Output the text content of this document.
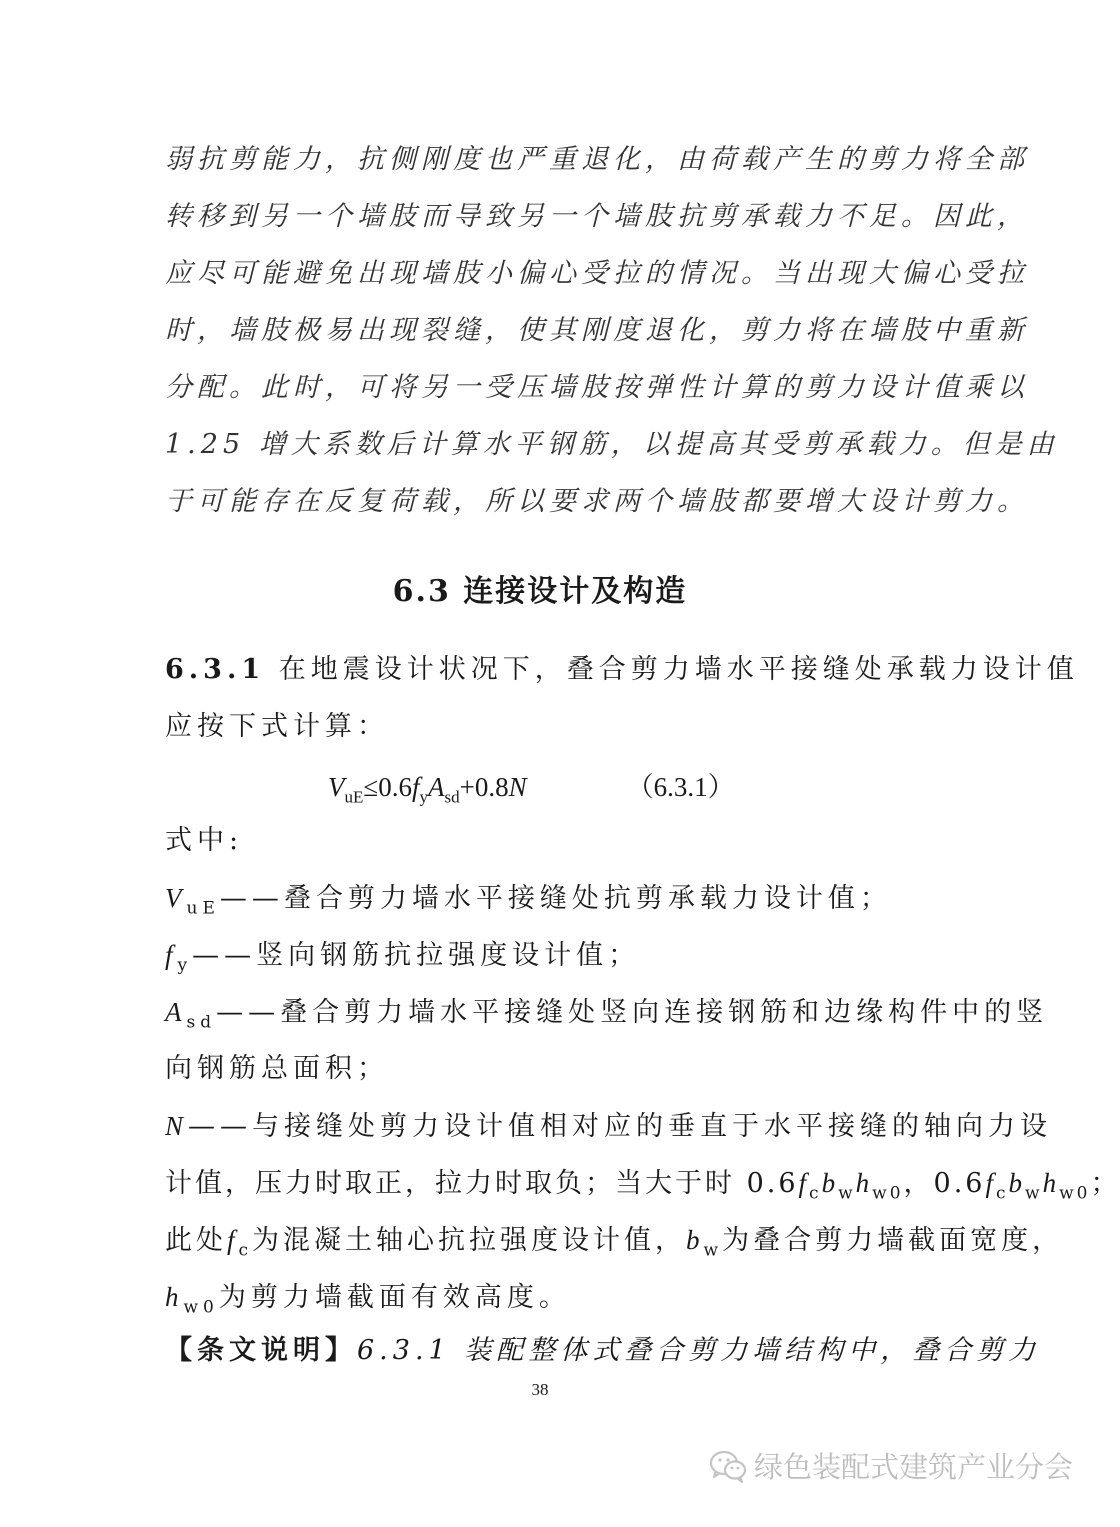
弱抗剪能力，抗侧刚度也严重退化，由荷载产生的剪力将全部
转移到另一个墙肢而导致另一个墙肢抗剪承载力不足。因此，
应尽可能避免出现墙肢小偏心受拉的情况。当出现大偏心受拉
时，墙肢极易出现裂缝，使其刚度退化，剪力将在墙肢中重新
分配。此时，可将另一受压墙肢按弹性计算的剪力设计值乘以
1.25 增大系数后计算水平钢筋，以提高其受剪承载力。但是由
于可能存在反复荷载，所以要求两个墙肢都要增大设计剪力。
6.3 连接设计及构造
6.3.1 在地震设计状况下，叠合剪力墙水平接缝处承载力设计值
应按下式计算：
$V_{uE}\le 0.6f_yA_{sd}+0.8N$	（6.3.1）
式中:
$V_{uE}——$叠合剪力墙水平接缝处抗剪承载力设计值；
$f_y——$竖向钢筋抗拉强度设计值；
$A_{sd}——$叠合剪力墙水平接缝处竖向连接钢筋和边缘构件中的竖
向钢筋总面积；
N——与接缝处剪力设计值相对应的垂直于水平接缝的轴向力设
计值，压力时取正，拉力时取负；当大于时 $0.6f_cb_wh_{w0}$，$0.6f_cb_wh_{w0}$；
此处$f_c$为混凝土轴心抗拉强度设计值，$b_w$为叠合剪力墙截面宽度，
$h_{w0}$为剪力墙截面有效高度。
【条文说明】6.3.1 装配整体式叠合剪力墙结构中，叠合剪力
38
绿色装配式建筑产业分会
